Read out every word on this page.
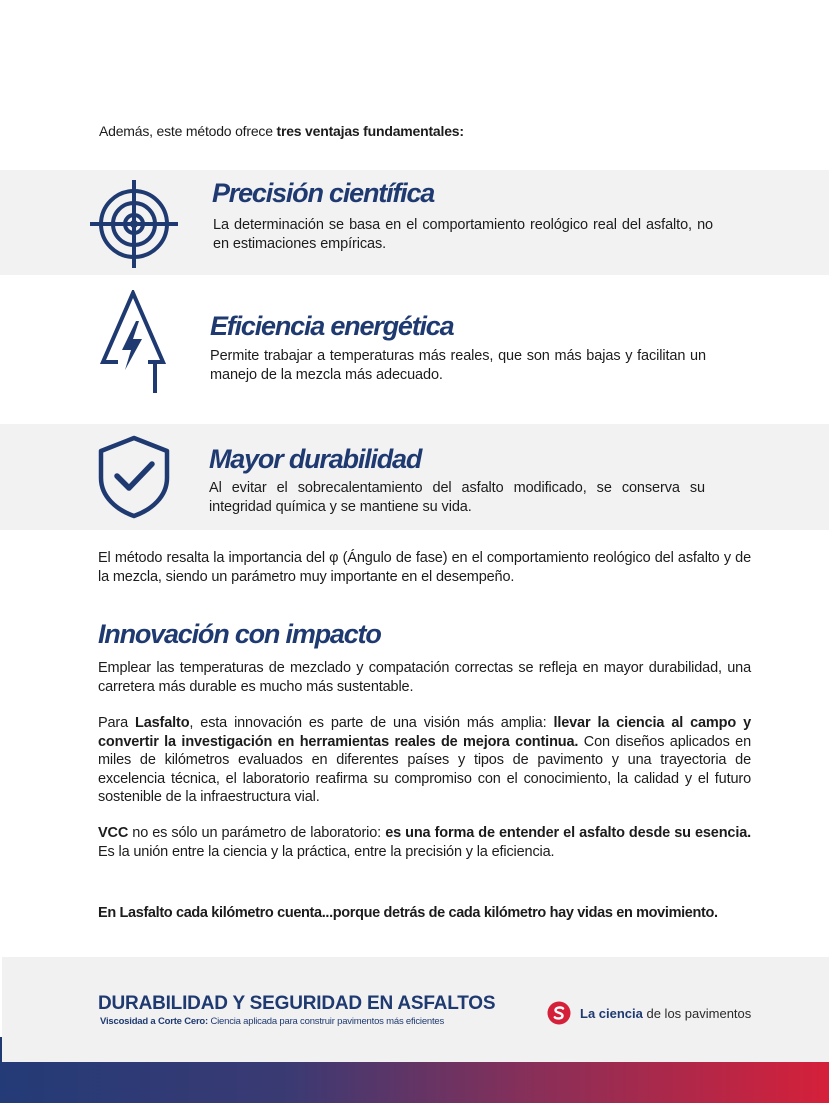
Además, este método ofrece tres ventajas fundamentales:

Precisión científica

La determinación se basa en el comportamiento reológico real del asfalto, no en estimaciones empíricas.

Eficiencia energética

Permite trabajar a temperaturas más reales, que son más bajas y facilitan un manejo de la mezcla más adecuado.

Mayor durabilidad

Al evitar el sobrecalentamiento del asfalto modificado, se conserva su integridad química y se mantiene su vida.

El método resalta la importancia del φ (Ángulo de fase) en el comportamiento reológico del asfalto y de la mezcla, siendo un parámetro muy importante en el desempeño.

Innovación con impacto

Emplear las temperaturas de mezclado y compatación correctas se refleja en mayor durabilidad, una carretera más durable es mucho más sustentable.

Para Lasfalto, esta innovación es parte de una visión más amplia: llevar la ciencia al campo y convertir la investigación en herramientas reales de mejora continua. Con diseños aplicados en miles de kilómetros evaluados en diferentes países y tipos de pavimento y una trayectoria de excelencia técnica, el laboratorio reafirma su compromiso con el conocimiento, la calidad y el futuro sostenible de la infraestructura vial.

VCC no es sólo un parámetro de laboratorio: es una forma de entender el asfalto desde su esencia. Es la unión entre la ciencia y la práctica, entre la precisión y la eficiencia.

En Lasfalto cada kilómetro cuenta...porque detrás de cada kilómetro hay vidas en movimiento.

DURABILIDAD Y SEGURIDAD EN ASFALTOS
Viscosidad a Corte Cero: Ciencia aplicada para construir pavimentos más eficientes
La ciencia de los pavimentos
